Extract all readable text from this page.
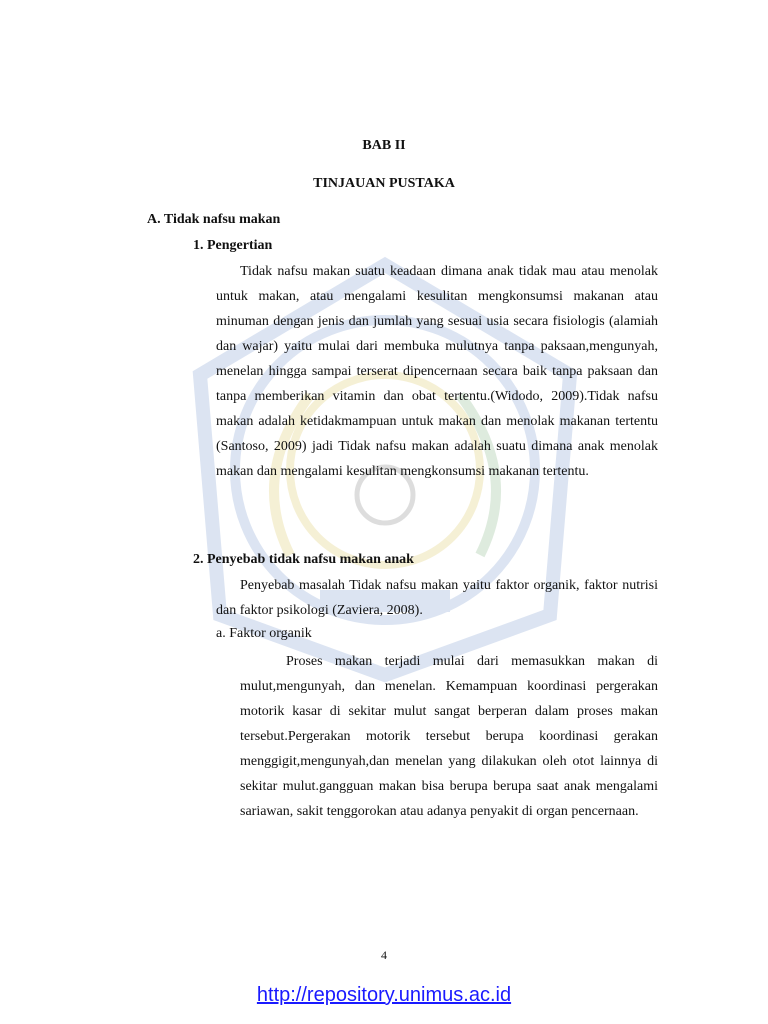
BAB II
TINJAUAN PUSTAKA
A. Tidak nafsu makan
1. Pengertian

Tidak nafsu makan suatu keadaan dimana anak tidak mau atau menolak untuk makan, atau mengalami kesulitan mengkonsumsi makanan atau minuman dengan jenis dan jumlah yang sesuai usia secara fisiologis (alamiah dan wajar) yaitu mulai dari membuka mulutnya tanpa paksaan,mengunyah, menelan hingga sampai terserat dipencernaan secara baik tanpa paksaan dan tanpa memberikan vitamin dan obat tertentu.(Widodo, 2009).Tidak nafsu makan adalah ketidakmampuan untuk makan dan menolak makanan tertentu (Santoso, 2009) jadi Tidak nafsu makan adalah suatu dimana anak menolak makan dan mengalami kesulitan mengkonsumsi makanan tertentu.

2. Penyebab tidak nafsu makan anak

Penyebab masalah Tidak nafsu makan yaitu faktor organik, faktor nutrisi dan faktor psikologi (Zaviera, 2008).

a. Faktor organik

Proses makan terjadi mulai dari memasukkan makan di mulut,mengunyah, dan menelan. Kemampuan koordinasi pergerakan motorik kasar di sekitar mulut sangat berperan dalam proses makan tersebut.Pergerakan motorik tersebut berupa koordinasi gerakan menggigit,mengunyah,dan menelan yang dilakukan oleh otot lainnya di sekitar mulut.gangguan makan bisa berupa berupa saat anak mengalami sariawan, sakit tenggorokan atau adanya penyakit di organ pencernaan.

4
http://repository.unimus.ac.id
